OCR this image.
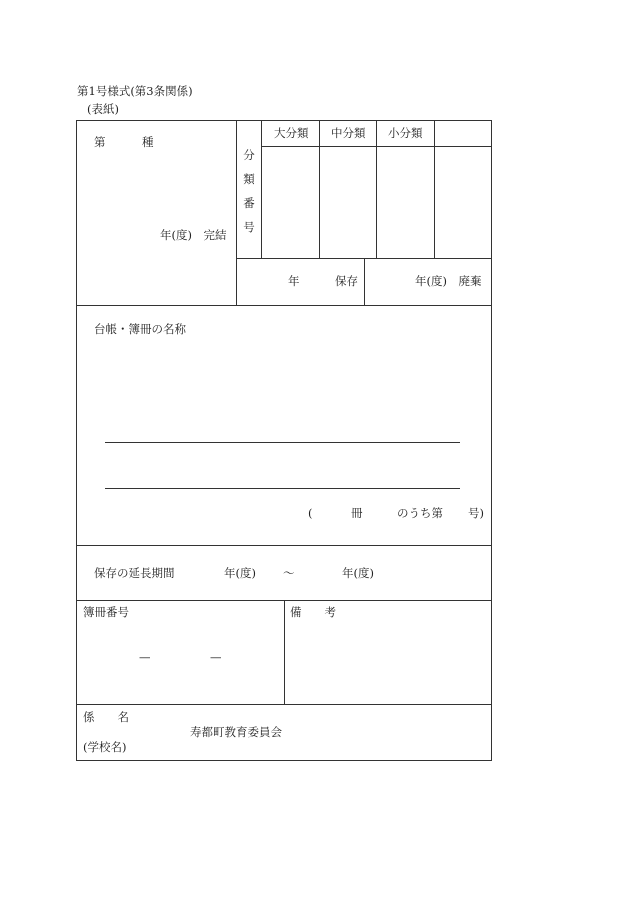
第1号様式(第3条関係)
(表紙)
第	種
年(度)　完結
分
類
番
号
大分類 中分類 小分類
年	保存	年(度)　廃棄
台帳・簿冊の名称
(	冊	のうち第 号)
保存の延長期間	年(度) 〜	年(度)
簿冊番号
—	—
備　　考
係　　名
寿都町教育委員会
(学校名)
